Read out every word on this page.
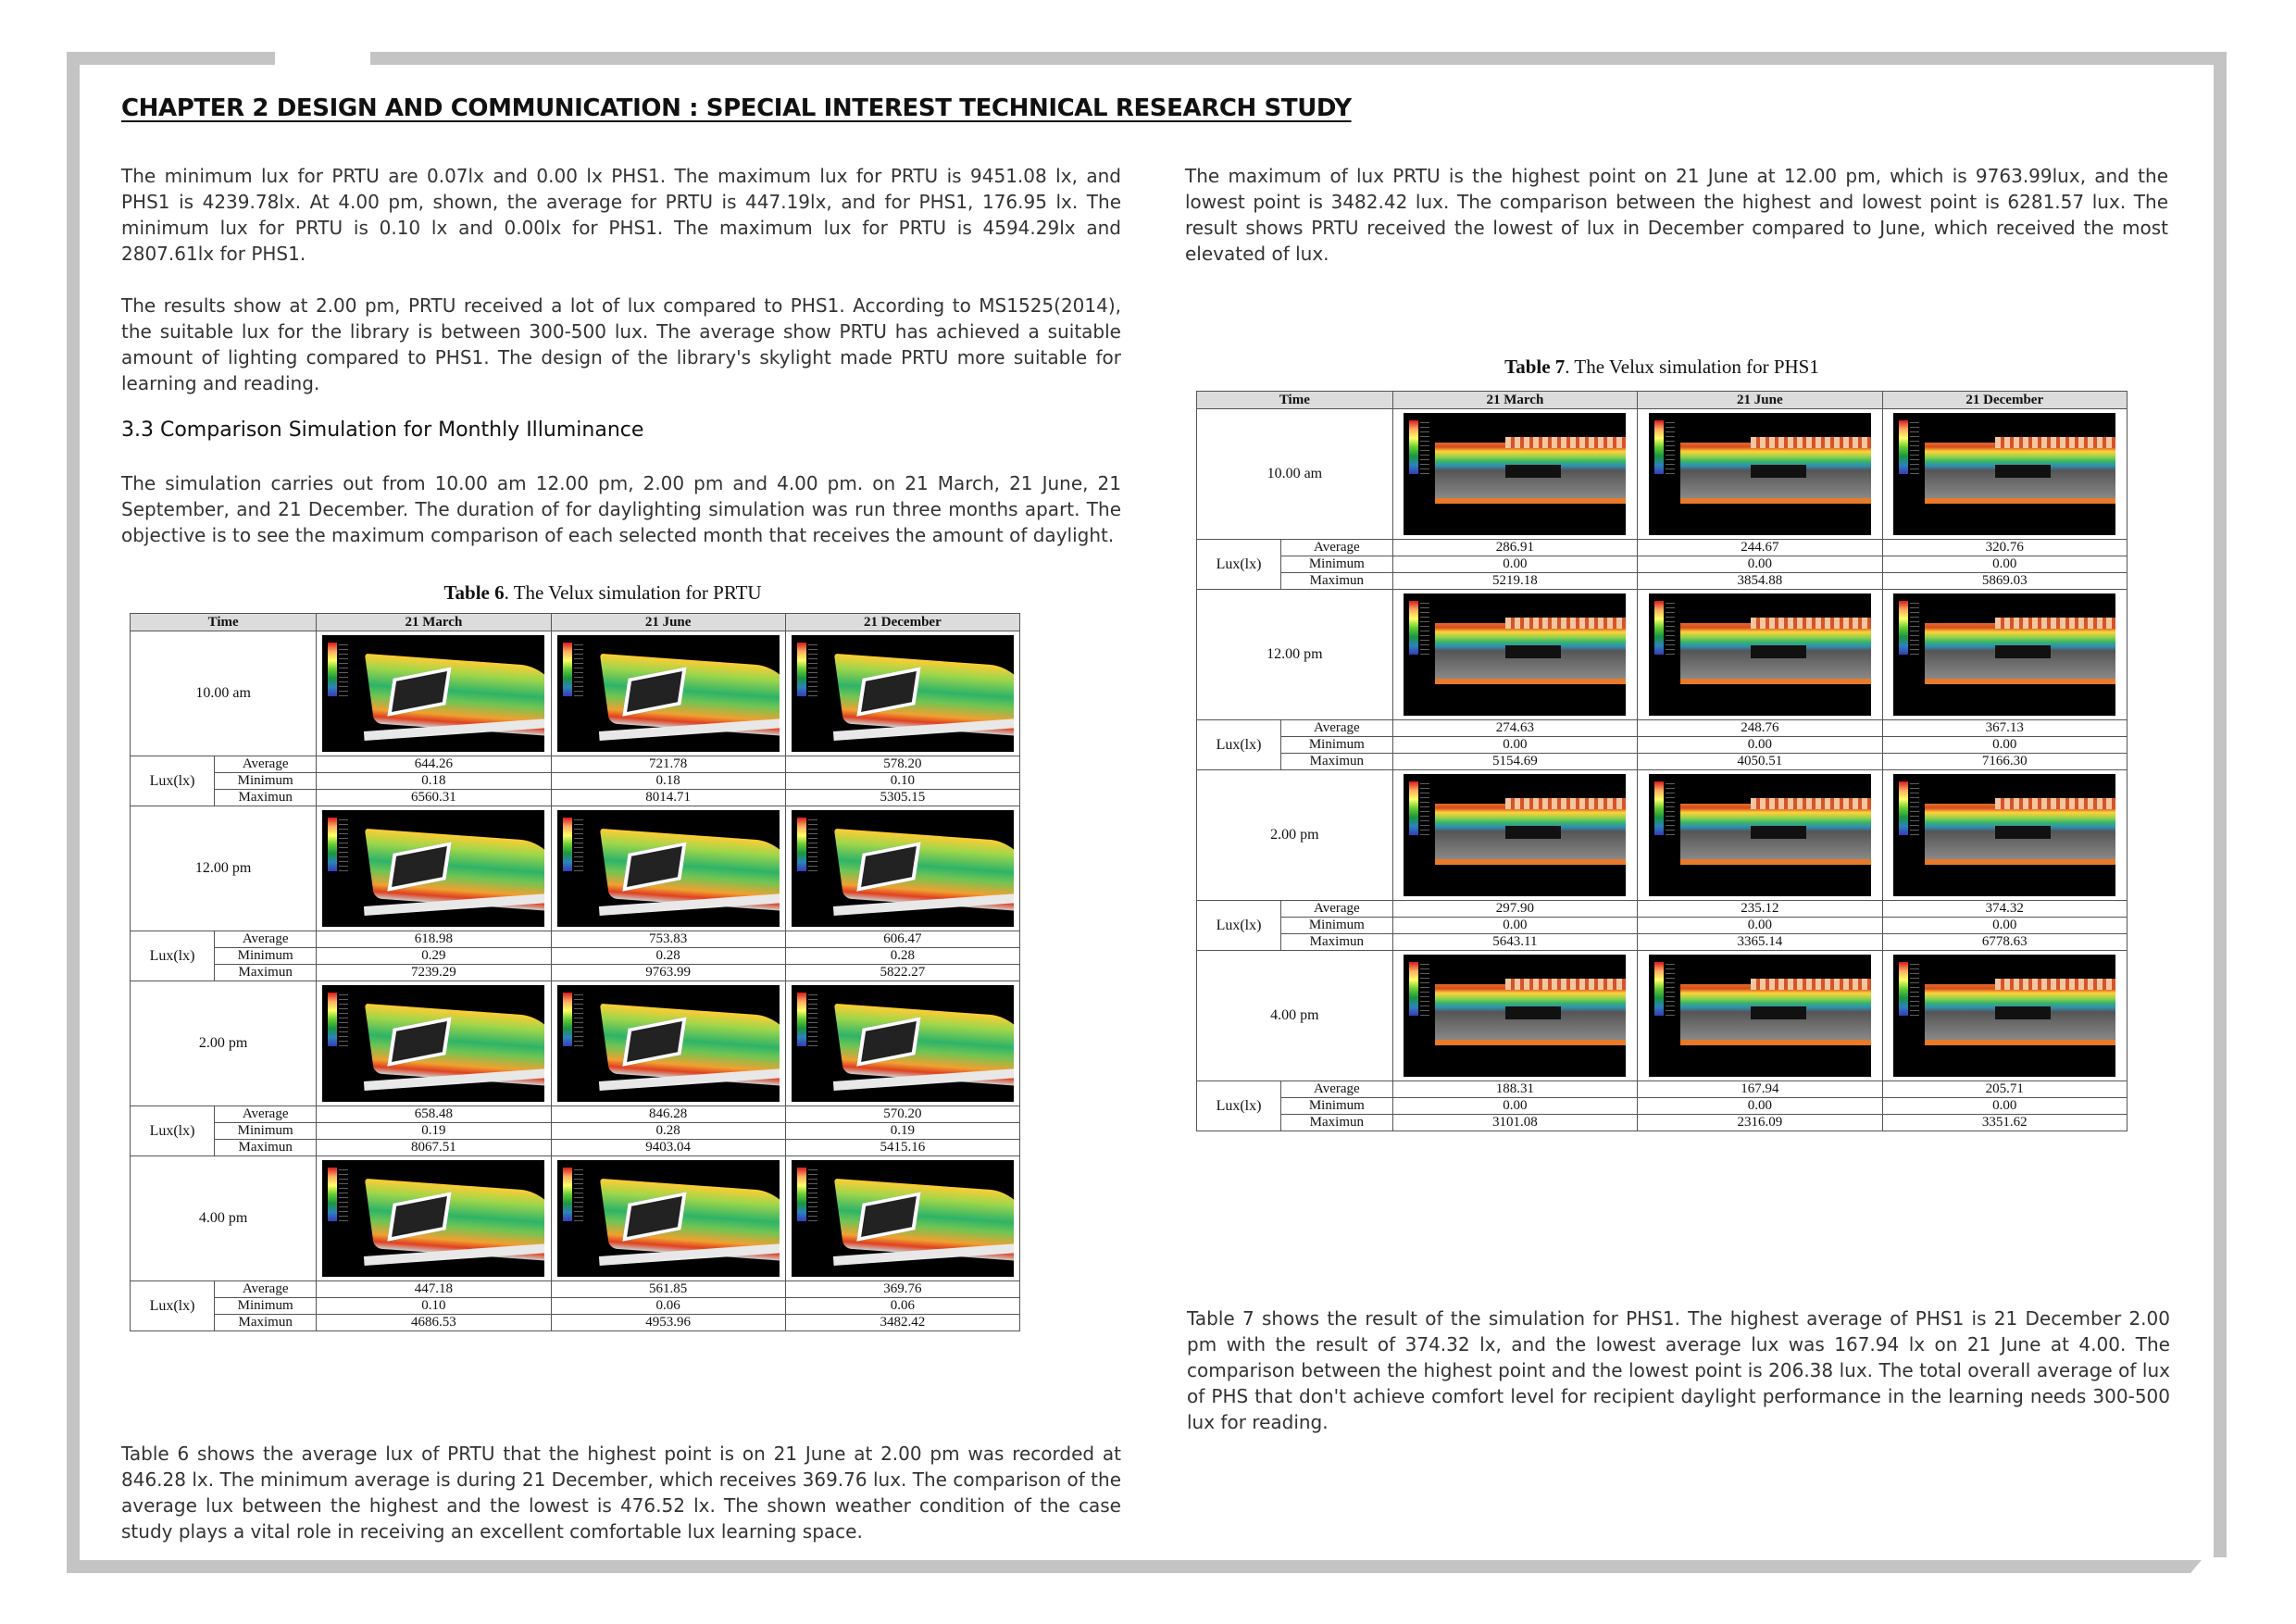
CHAPTER 2 DESIGN AND COMMUNICATION : SPECIAL INTEREST TECHNICAL RESEARCH STUDY

The minimum lux for PRTU are 0.07lx and 0.00 lx PHS1. The maximum lux for PRTU is 9451.08 lx, and PHS1 is 4239.78lx. At 4.00 pm, shown, the average for PRTU is 447.19lx, and for PHS1, 176.95 lx. The minimum lux for PRTU is 0.10 lx and 0.00lx for PHS1. The maximum lux for PRTU is 4594.29lx and 2807.61lx for PHS1.

The results show at 2.00 pm, PRTU received a lot of lux compared to PHS1. According to MS1525(2014), the suitable lux for the library is between 300-500 lux. The average show PRTU has achieved a suitable amount of lighting compared to PHS1. The design of the library's skylight made PRTU more suitable for learning and reading.

3.3 Comparison Simulation for Monthly Illuminance

The simulation carries out from 10.00 am 12.00 pm, 2.00 pm and 4.00 pm. on 21 March, 21 June, 21 September, and 21 December. The duration of for daylighting simulation was run three months apart. The objective is to see the maximum comparison of each selected month that receives the amount of daylight.

Table 6. The Velux simulation for PRTU
Time		21 March	21 June	21 December
10.00 am		

Lux(lx)	Average	644.26	721.78	578.20
	Minimum	0.18	0.18	0.10
	Maximun	6560.31	8014.71	5305.15
12.00 pm		

Lux(lx)	Average	618.98	753.83	606.47
	Minimum	0.29	0.28	0.28
	Maximun	7239.29	9763.99	5822.27
2.00 pm		

Lux(lx)	Average	658.48	846.28	570.20
	Minimum	0.19	0.28	0.19
	Maximun	8067.51	9403.04	5415.16
4.00 pm		

Lux(lx)	Average	447.18	561.85	369.76
	Minimum	0.10	0.06	0.06
	Maximun	4686.53	4953.96	3482.42

Table 6 shows the average lux of PRTU that the highest point is on 21 June at 2.00 pm was recorded at 846.28 lx. The minimum average is during 21 December, which receives 369.76 lux. The comparison of the average lux between the highest and the lowest is 476.52 lx. The shown weather condition of the case study plays a vital role in receiving an excellent comfortable lux learning space.

The maximum of lux PRTU is the highest point on 21 June at 12.00 pm, which is 9763.99lux, and the lowest point is 3482.42 lux. The comparison between the highest and lowest point is 6281.57 lux. The result shows PRTU received the lowest of lux in December compared to June, which received the most elevated of lux.

Table 7. The Velux simulation for PHS1
Time		21 March	21 June	21 December
10.00 am		

Lux(lx)	Average	286.91	244.67	320.76
	Minimum	0.00	0.00	0.00
	Maximun	5219.18	3854.88	5869.03
12.00 pm		

Lux(lx)	Average	274.63	248.76	367.13
	Minimum	0.00	0.00	0.00
	Maximun	5154.69	4050.51	7166.30
2.00 pm		

Lux(lx)	Average	297.90	235.12	374.32
	Minimum	0.00	0.00	0.00
	Maximun	5643.11	3365.14	6778.63
4.00 pm		

Lux(lx)	Average	188.31	167.94	205.71
	Minimum	0.00	0.00	0.00
	Maximun	3101.08	2316.09	3351.62

Table 7 shows the result of the simulation for PHS1. The highest average of PHS1 is 21 December 2.00 pm with the result of 374.32 lx, and the lowest average lux was 167.94 lx on 21 June at 4.00. The comparison between the highest point and the lowest point is 206.38 lux. The total overall average of lux of PHS that don't achieve comfort level for recipient daylight performance in the learning needs 300-500 lux for reading.
